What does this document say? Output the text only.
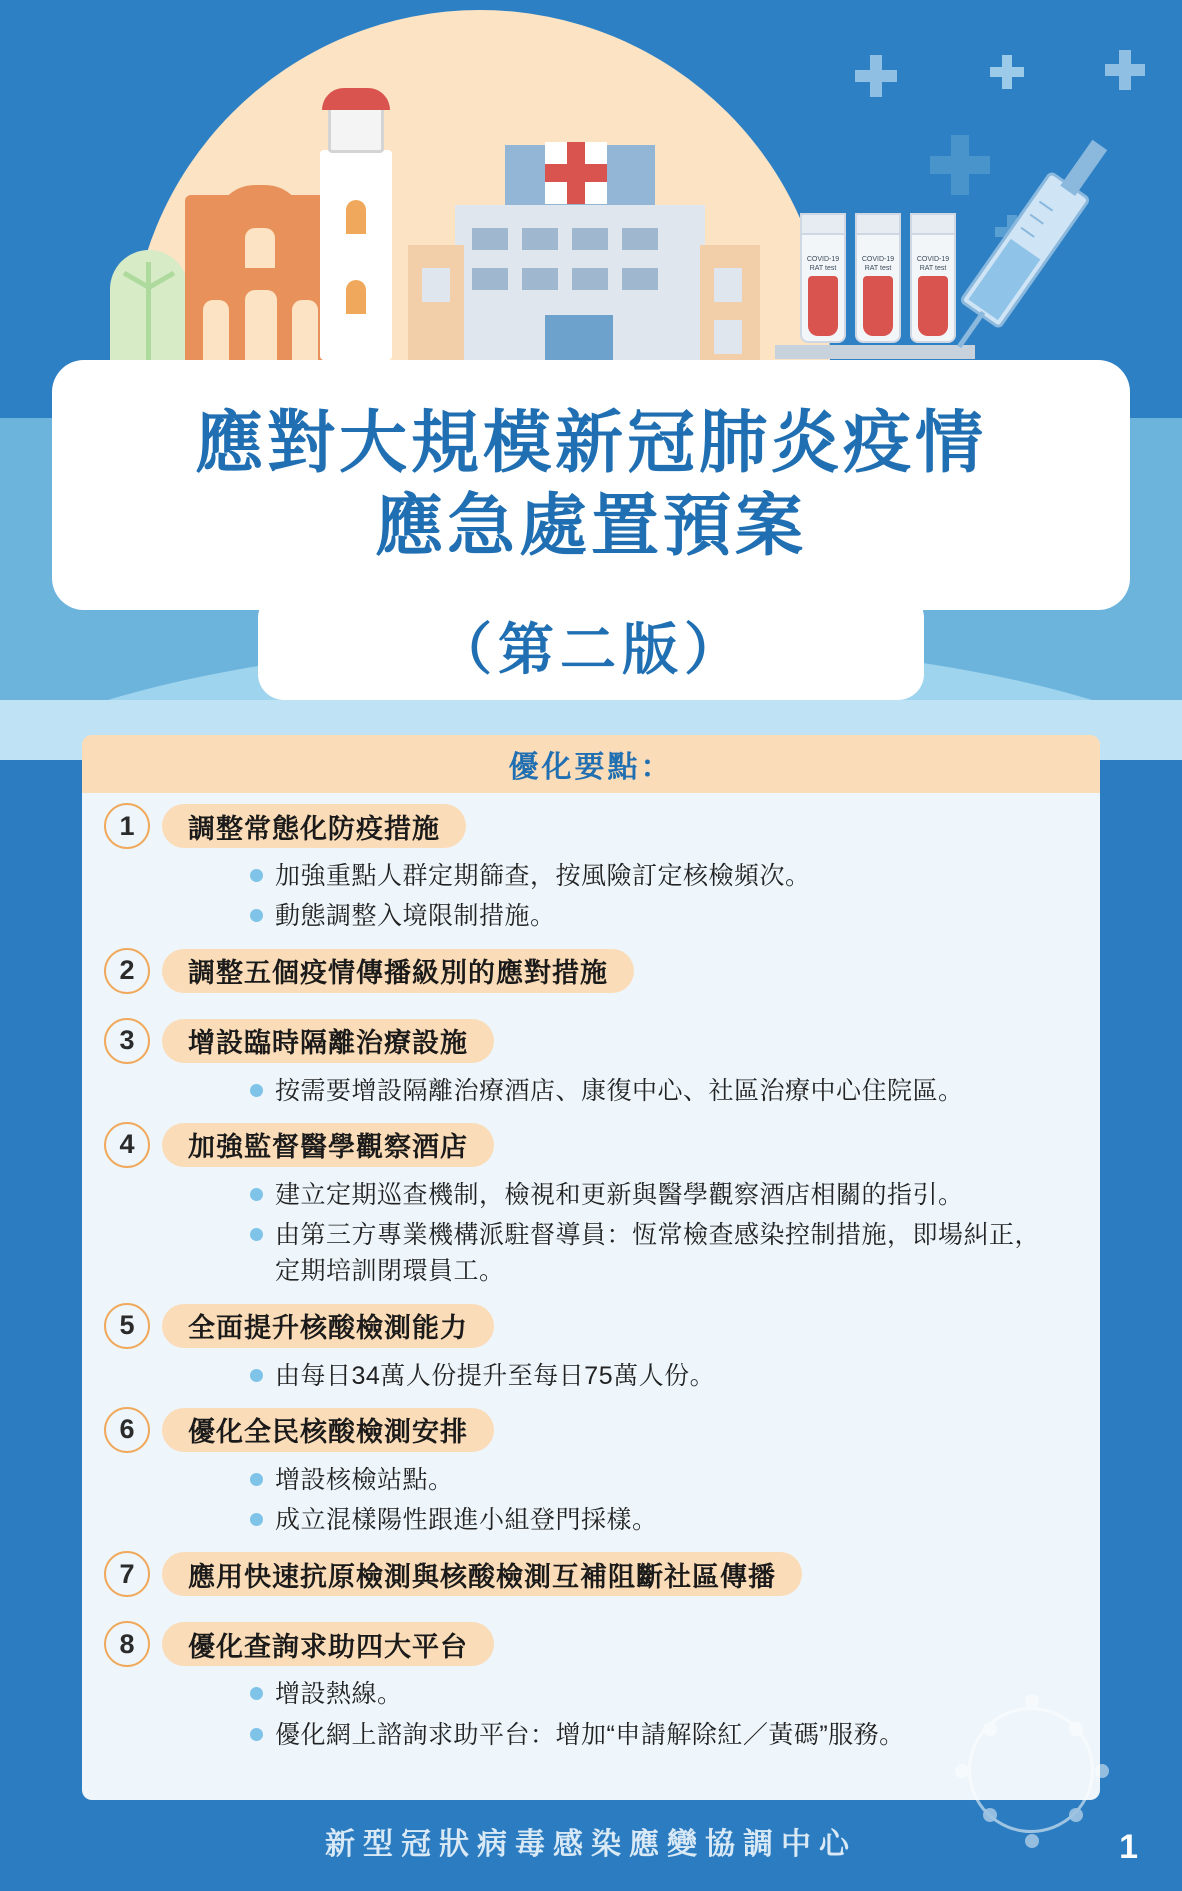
COVID-19
RAT test
COVID-19
RAT test
COVID-19
RAT test
應對大規模新冠肺炎疫情
應急處置預案
（第二版）
優化要點：
1	調整常態化防疫措施
加強重點人群定期篩查，按風險訂定核檢頻次。
動態調整入境限制措施。
2	調整五個疫情傳播級別的應對措施
3	增設臨時隔離治療設施
按需要增設隔離治療酒店、康復中心、社區治療中心住院區。
4	加強監督醫學觀察酒店
建立定期巡查機制，檢視和更新與醫學觀察酒店相關的指引。
由第三方專業機構派駐督導員：恆常檢查感染控制措施，即場糾正，定期培訓閉環員工。
5	全面提升核酸檢測能力
由每日34萬人份提升至每日75萬人份。
6	優化全民核酸檢測安排
增設核檢站點。
成立混樣陽性跟進小組登門採樣。
7	應用快速抗原檢測與核酸檢測互補阻斷社區傳播
8	優化查詢求助四大平台
增設熱線。
優化網上諮詢求助平台：增加“申請解除紅／黃碼”服務。
新型冠狀病毒感染應變協調中心	1
